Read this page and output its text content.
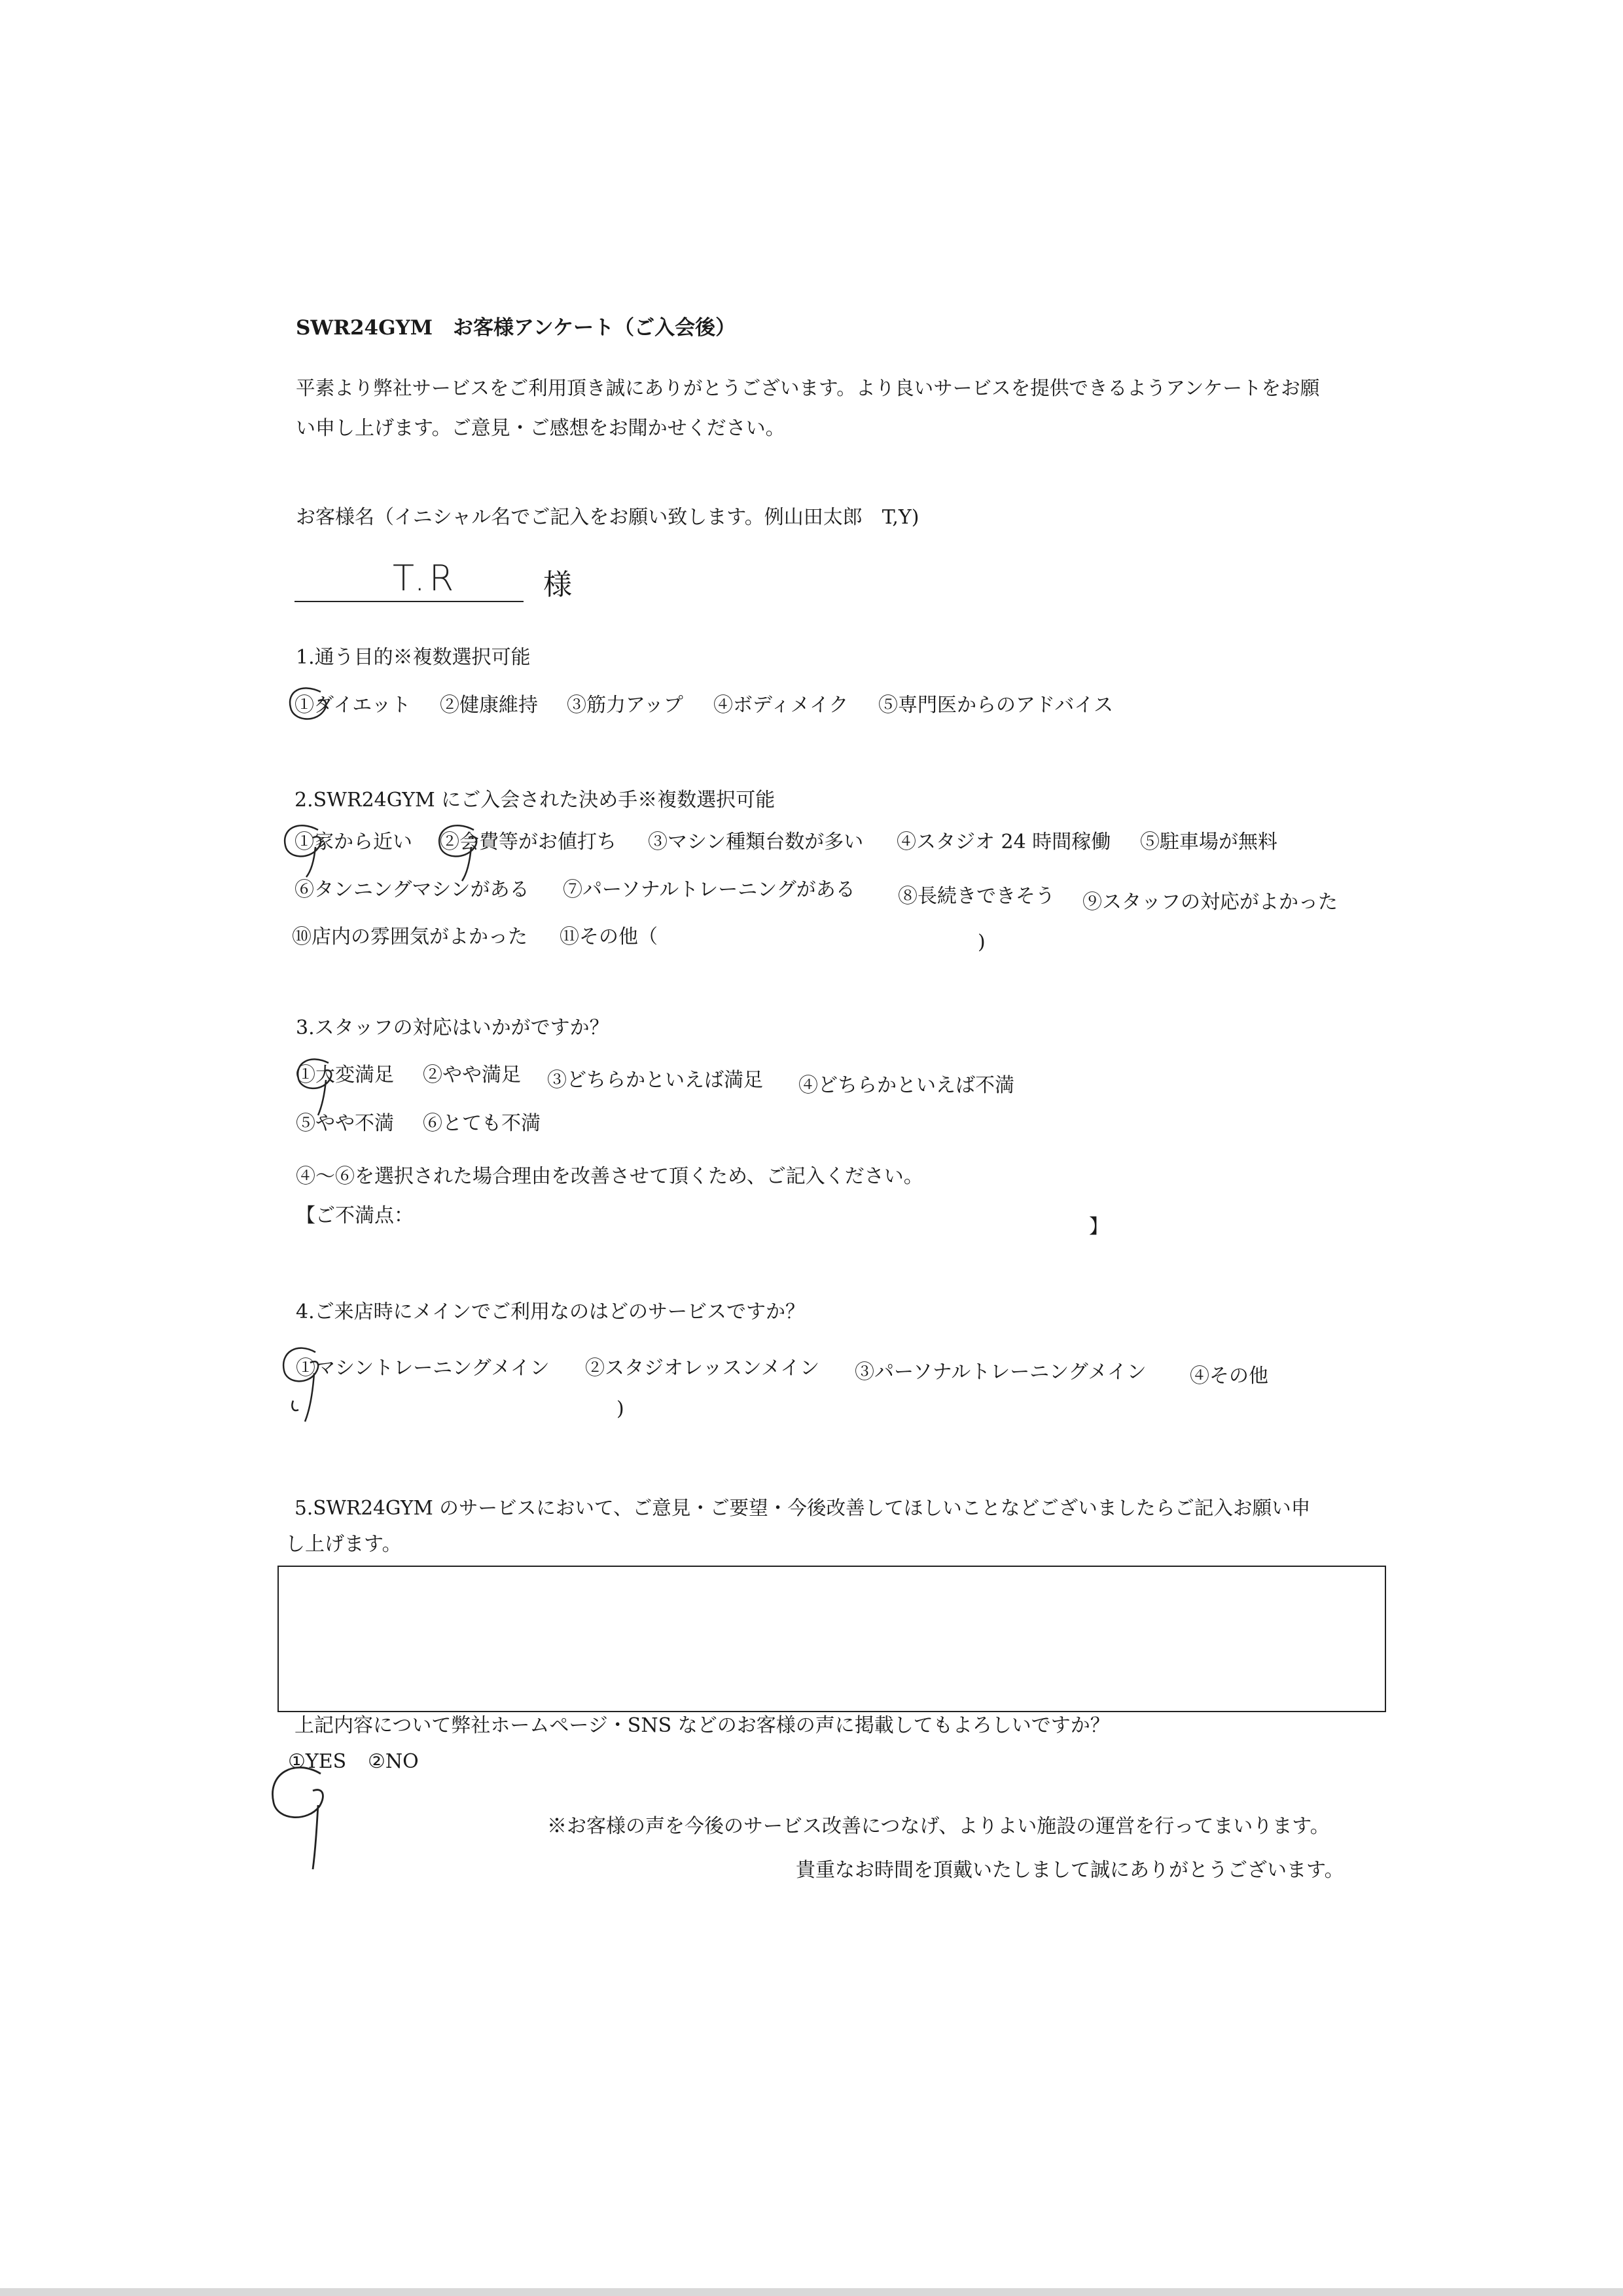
SWR24GYM　お客様アンケート（ご入会後）
平素より弊社サービスをご利用頂き誠にありがとうございます。より良いサービスを提供できるようアンケートをお願
い申し上げます。ご意見・ご感想をお聞かせください。
お客様名（イニシャル名でご記入をお願い致します。例山田太郎　T,Y)
T.R	様
1.通う目的※複数選択可能
①ダイエット ②健康維持 ③筋力アップ ④ボディメイク ⑤専門医からのアドバイス
2.SWR24GYM にご入会された決め手※複数選択可能
①家から近い ②会費等がお値打ち ③マシン種類台数が多い ④スタジオ 24 時間稼働 ⑤駐車場が無料
⑥タンニングマシンがある ⑦パーソナルトレーニングがある ⑧長続きできそう ⑨スタッフの対応がよかった
⑩店内の雰囲気がよかった ⑪その他（	)
3.スタッフの対応はいかがですか？
①大変満足 ②やや満足 ③どちらかといえば満足 ④どちらかといえば不満
⑤やや不満 ⑥とても不満
④～⑥を選択された場合理由を改善させて頂くため、ご記入ください。
【ご不満点：	】
4.ご来店時にメインでご利用なのはどのサービスですか？
①マシントレーニングメイン ②スタジオレッスンメイン ③パーソナルトレーニングメイン ④その他
)
5.SWR24GYM のサービスにおいて、ご意見・ご要望・今後改善してほしいことなどございましたらご記入お願い申
し上げます。
上記内容について弊社ホームページ・SNS などのお客様の声に掲載してもよろしいですか？
①YES ②NO
※お客様の声を今後のサービス改善につなげ、よりよい施設の運営を行ってまいります。
貴重なお時間を頂戴いたしまして誠にありがとうございます。
